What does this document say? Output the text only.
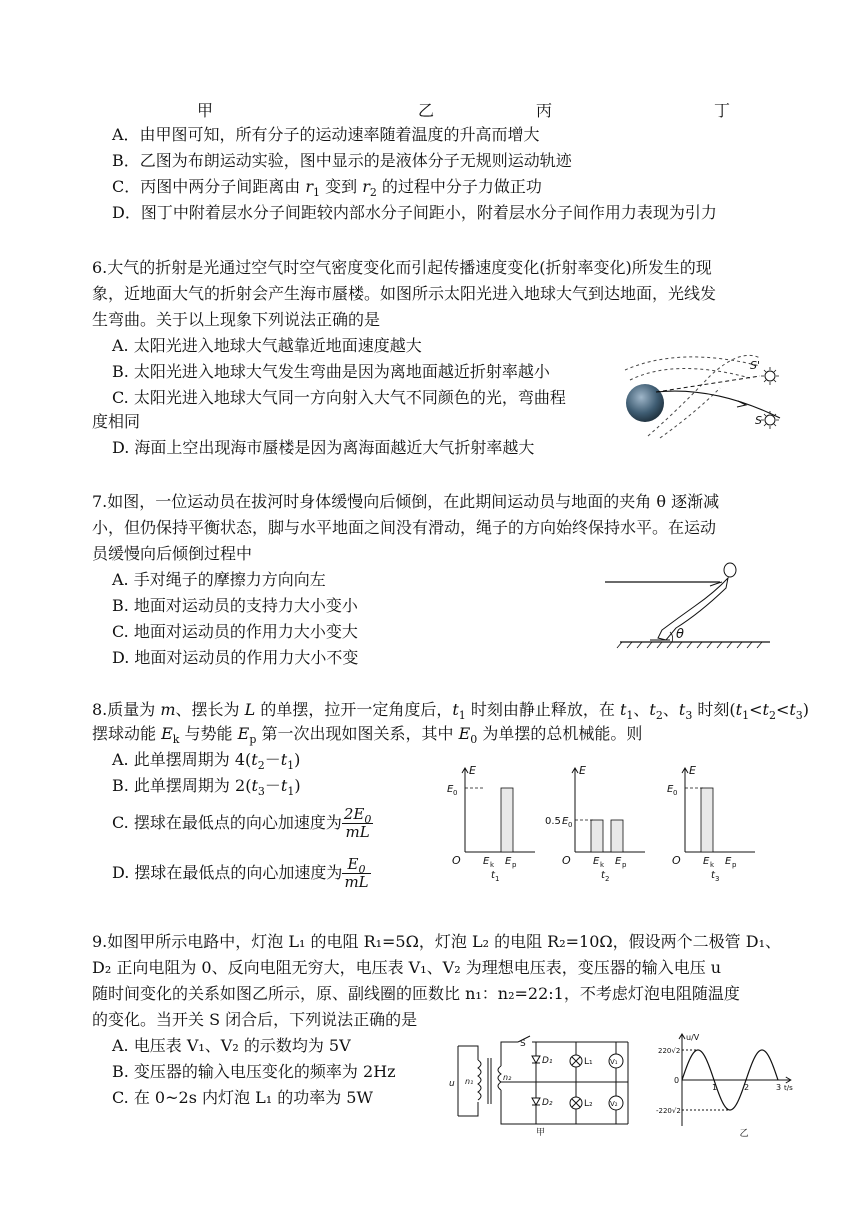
甲	乙	丙	丁
A．由甲图可知，所有分子的运动速率随着温度的升高而增大
B．乙图为布朗运动实验，图中显示的是液体分子无规则运动轨迹
C．丙图中两分子间距离由 $r_1$ 变到 $r_2$ 的过程中分子力做正功
D．图丁中附着层水分子间距较内部水分子间距小，附着层水分子间作用力表现为引力
6.大气的折射是光通过空气时空气密度变化而引起传播速度变化(折射率变化)所发生的现
象，近地面大气的折射会产生海市蜃楼。如图所示太阳光进入地球大气到达地面，光线发
生弯曲。关于以上现象下列说法正确的是
A. 太阳光进入地球大气越靠近地面速度越大
B. 太阳光进入地球大气发生弯曲是因为离地面越近折射率越小
C. 太阳光进入地球大气同一方向射入大气不同颜色的光，弯曲程
度相同
D. 海面上空出现海市蜃楼是因为离海面越近大气折射率越大
S'
S
7.如图，一位运动员在拔河时身体缓慢向后倾倒，在此期间运动员与地面的夹角 θ 逐渐减
小，但仍保持平衡状态，脚与水平地面之间没有滑动，绳子的方向始终保持水平。在运动
员缓慢向后倾倒过程中
A. 手对绳子的摩擦力方向向左
B. 地面对运动员的支持力大小变小
C. 地面对运动员的作用力大小变大
D. 地面对运动员的作用力大小不变
θ
8.质量为 m、摆长为 L 的单摆，拉开一定角度后，$t_1$ 时刻由静止释放，在 $t_1$、$t_2$、$t_3$ 时刻$(t_1<t_2<t_3)$
摆球动能 $E_k$ 与势能 $E_p$ 第一次出现如图关系，其中 $E_0$ 为单摆的总机械能。则
A. 此单摆周期为 $4(t_2-t_1)$
B. 此单摆周期为 $2(t_3-t_1)$
C. 摆球在最低点的向心加速度为 $\frac{2E_0}{mL}$
D. 摆球在最低点的向心加速度为 $\frac{E_0}{mL}$
E
O
E 0
E k E p
t 1
E
O
0.5 E 0
E k E p
t 2
E
O
E 0
E k E p
t 3
9.如图甲所示电路中，灯泡 L₁ 的电阻 R₁=5Ω，灯泡 L₂ 的电阻 R₂=10Ω，假设两个二极管 D₁、
D₂ 正向电阻为 0、反向电阻无穷大，电压表 V₁、V₂ 为理想电压表，变压器的输入电压 u
随时间变化的关系如图乙所示，原、副线圈的匝数比 n₁：n₂=22:1，不考虑灯泡电阻随温度
的变化。当开关 S 闭合后，下列说法正确的是
A. 电压表 V₁、V₂ 的示数均为 5V
B. 变压器的输入电压变化的频率为 2Hz
C. 在 0~2s 内灯泡 L₁ 的功率为 5W
u n₁	n₂
S
D₁
D₂
L₁
L₂
V₁
V₂
甲
u/V
220√2
-220√2
0
1	2	3 t/s
乙
